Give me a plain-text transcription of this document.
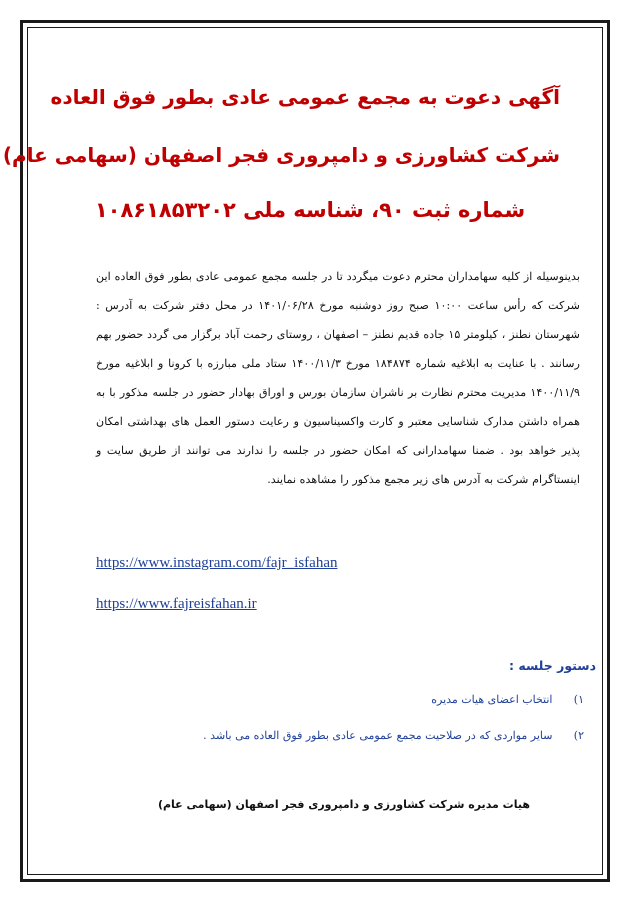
آگهی دعوت به مجمع عمومی عادی بطور فوق العاده
شرکت کشاورزی و دامپروری فجر اصفهان (سهامی عام)
شماره ثبت ۹۰، شناسه ملی ۱۰۸۶۱۸۵۳۲۰۲
بدینوسیله از کلیه سهامداران محترم دعوت میگردد تا در جلسه مجمع عمومی عادی بطور فوق العاده این شرکت که رأس ساعت ۱۰:۰۰ صبح روز دوشنبه مورخ ۱۴۰۱/۰۶/۲۸ در محل دفتر شرکت به آدرس : شهرستان نطنز ، کیلومتر ۱۵ جاده قدیم نطنز – اصفهان ، روستای رحمت آباد برگزار می گردد حضور بهم رسانند . با عنایت به ابلاغیه شماره ۱۸۴۸۷۴ مورخ ۱۴۰۰/۱۱/۳ ستاد ملی مبارزه با کرونا و ابلاغیه مورخ ۱۴۰۰/۱۱/۹ مدیریت محترم نظارت بر ناشران سازمان بورس و اوراق بهادار حضور در جلسه مذکور با به همراه داشتن مدارک شناسایی معتبر و کارت واکسیناسیون و رعایت دستور العمل های بهداشتی امکان پذیر خواهد بود . ضمنا سهامدارانی که امکان حضور در جلسه را ندارند می توانند از طریق سایت و اینستاگرام شرکت به آدرس های زیر مجمع مذکور را مشاهده نمایند.
https://www.instagram.com/fajr_isfahan
https://www.fajreisfahan.ir
دستور جلسه :
۱) انتخاب اعضای هیات مدیره
۲) سایر مواردی که در صلاحیت مجمع عمومی عادی بطور فوق العاده می باشد .
هیات مدیره شرکت کشاورزی و دامپروری فجر اصفهان (سهامی عام)
